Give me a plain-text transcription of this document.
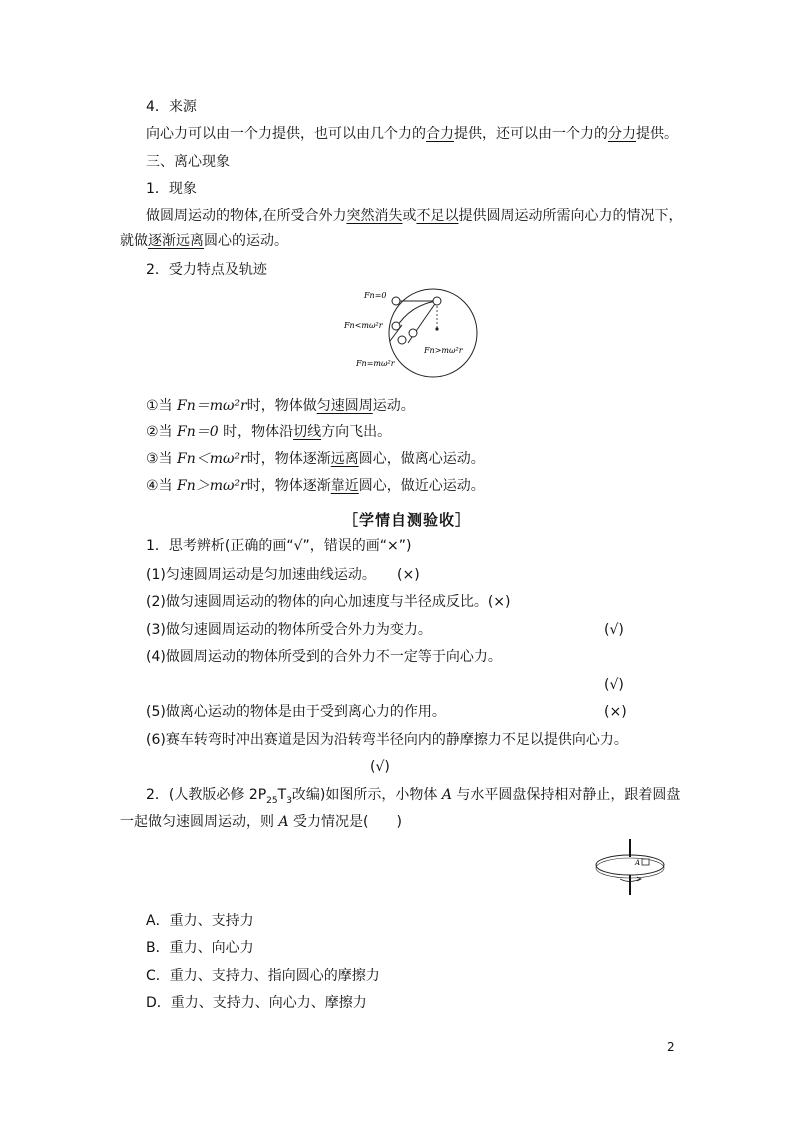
4．来源
向心力可以由一个力提供，也可以由几个力的合力提供，还可以由一个力的分力提供。
三、离心现象
1．现象
做圆周运动的物体,在所受合外力突然消失或不足以提供圆周运动所需向心力的情况下，
就做逐渐远离圆心的运动。
2．受力特点及轨迹
Fn=0
Fn<mω²r
Fn>mω²r
Fn=mω²r
①当 Fn＝mω²r时，物体做匀速圆周运动。
②当 Fn＝0 时，物体沿切线方向飞出。
③当 Fn＜mω²r时，物体逐渐远离圆心，做离心运动。
④当 Fn＞mω²r时，物体逐渐靠近圆心，做近心运动。
［学情自测验收］
1．思考辨析(正确的画“√”，错误的画“×”)
(1)匀速圆周运动是匀加速曲线运动。 (×)
(2)做匀速圆周运动的物体的向心加速度与半径成反比。(×)
(3)做匀速圆周运动的物体所受合外力为变力。	(√)
(4)做圆周运动的物体所受到的合外力不一定等于向心力。
(√)
(5)做离心运动的物体是由于受到离心力的作用。	(×)
(6)赛车转弯时冲出赛道是因为沿转弯半径向内的静摩擦力不足以提供向心力。
(√)
2．(人教版必修 $2P_{25}T_3$改编)如图所示，小物体 A 与水平圆盘保持相对静止，跟着圆盘
一起做匀速圆周运动，则 A 受力情况是(　　)
A
A．重力、支持力
B．重力、向心力
C．重力、支持力、指向圆心的摩擦力
D．重力、支持力、向心力、摩擦力
2
